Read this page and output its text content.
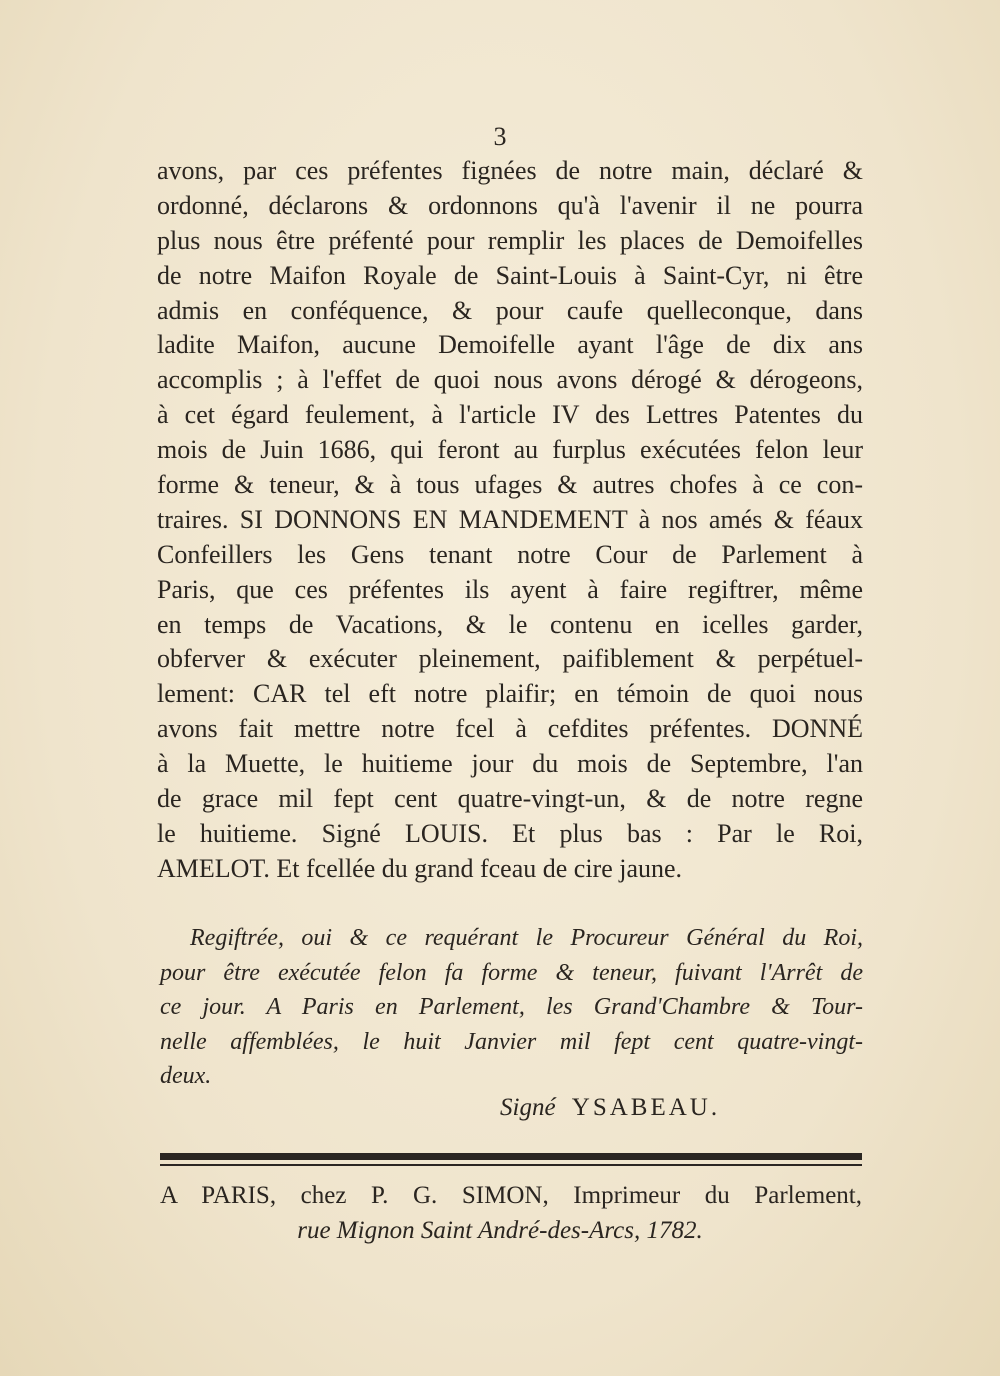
3
avons, par ces préfentes fignées de notre main, déclaré &
ordonné, déclarons & ordonnons qu'à l'avenir il ne pourra
plus nous être préfenté pour remplir les places de Demoifelles
de notre Maifon Royale de Saint-Louis à Saint-Cyr, ni être
admis en conféquence, & pour caufe quelleconque, dans
ladite Maifon, aucune Demoifelle ayant l'âge de dix ans
accomplis ; à l'effet de quoi nous avons dérogé & dérogeons,
à cet égard feulement, à l'article IV des Lettres Patentes du
mois de Juin 1686, qui feront au furplus exécutées felon leur
forme & teneur, & à tous ufages & autres chofes à ce con-
traires. SI DONNONS EN MANDEMENT à nos amés & féaux
Confeillers les Gens tenant notre Cour de Parlement à
Paris, que ces préfentes ils ayent à faire regiftrer, même
en temps de Vacations, & le contenu en icelles garder,
obferver & exécuter pleinement, paifiblement & perpétuel-
lement: CAR tel eft notre plaifir; en témoin de quoi nous
avons fait mettre notre fcel à cefdites préfentes. DONNÉ
à la Muette, le huitieme jour du mois de Septembre, l'an
de grace mil fept cent quatre-vingt-un, & de notre regne
le huitieme. Signé LOUIS. Et plus bas : Par le Roi,
AMELOT. Et fcellée du grand fceau de cire jaune.
Regiftrée, oui & ce requérant le Procureur Général du Roi,
pour être exécutée felon fa forme & teneur, fuivant l'Arrêt de
ce jour. A Paris en Parlement, les Grand'Chambre & Tour-
nelle affemblées, le huit Janvier mil fept cent quatre-vingt-
deux.
Signé YSABEAU.
A PARIS, chez P. G. SIMON, Imprimeur du Parlement,
rue Mignon Saint André-des-Arcs, 1782.
